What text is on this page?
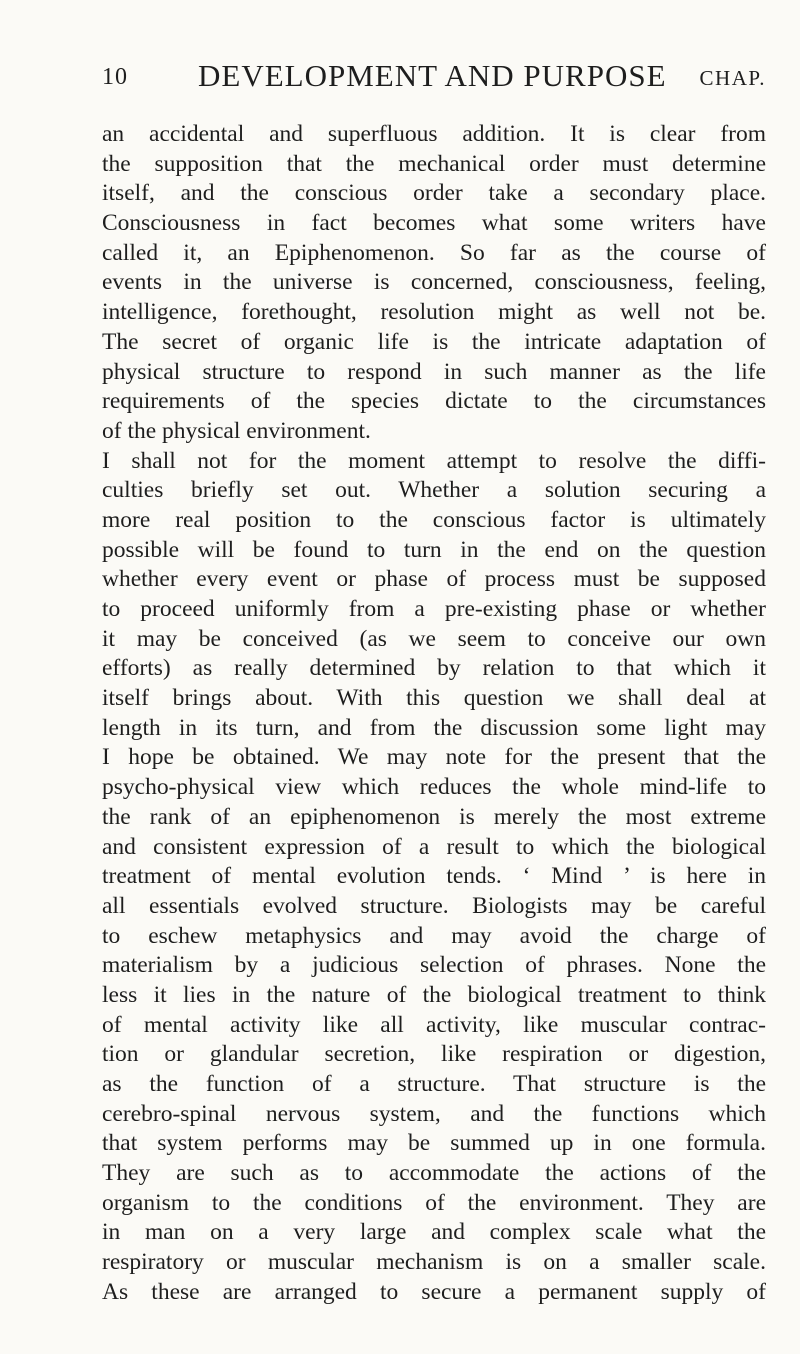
10 DEVELOPMENT AND PURPOSE CHAP.
an accidental and superfluous addition. It is clear from
the supposition that the mechanical order must determine
itself, and the conscious order take a secondary place.
Consciousness in fact becomes what some writers have
called it, an Epiphenomenon. So far as the course of
events in the universe is concerned, consciousness, feeling,
intelligence, forethought, resolution might as well not be.
The secret of organic life is the intricate adaptation of
physical structure to respond in such manner as the life
requirements of the species dictate to the circumstances
of the physical environment.
I shall not for the moment attempt to resolve the diffi-
culties briefly set out. Whether a solution securing a
more real position to the conscious factor is ultimately
possible will be found to turn in the end on the question
whether every event or phase of process must be supposed
to proceed uniformly from a pre-existing phase or whether
it may be conceived (as we seem to conceive our own
efforts) as really determined by relation to that which it
itself brings about. With this question we shall deal at
length in its turn, and from the discussion some light may
I hope be obtained. We may note for the present that the
psycho-physical view which reduces the whole mind-life to
the rank of an epiphenomenon is merely the most extreme
and consistent expression of a result to which the biological
treatment of mental evolution tends. ‘ Mind ’ is here in
all essentials evolved structure. Biologists may be careful
to eschew metaphysics and may avoid the charge of
materialism by a judicious selection of phrases. None the
less it lies in the nature of the biological treatment to think
of mental activity like all activity, like muscular contrac-
tion or glandular secretion, like respiration or digestion,
as the function of a structure. That structure is the
cerebro-spinal nervous system, and the functions which
that system performs may be summed up in one formula.
They are such as to accommodate the actions of the
organism to the conditions of the environment. They are
in man on a very large and complex scale what the
respiratory or muscular mechanism is on a smaller scale.
As these are arranged to secure a permanent supply of
